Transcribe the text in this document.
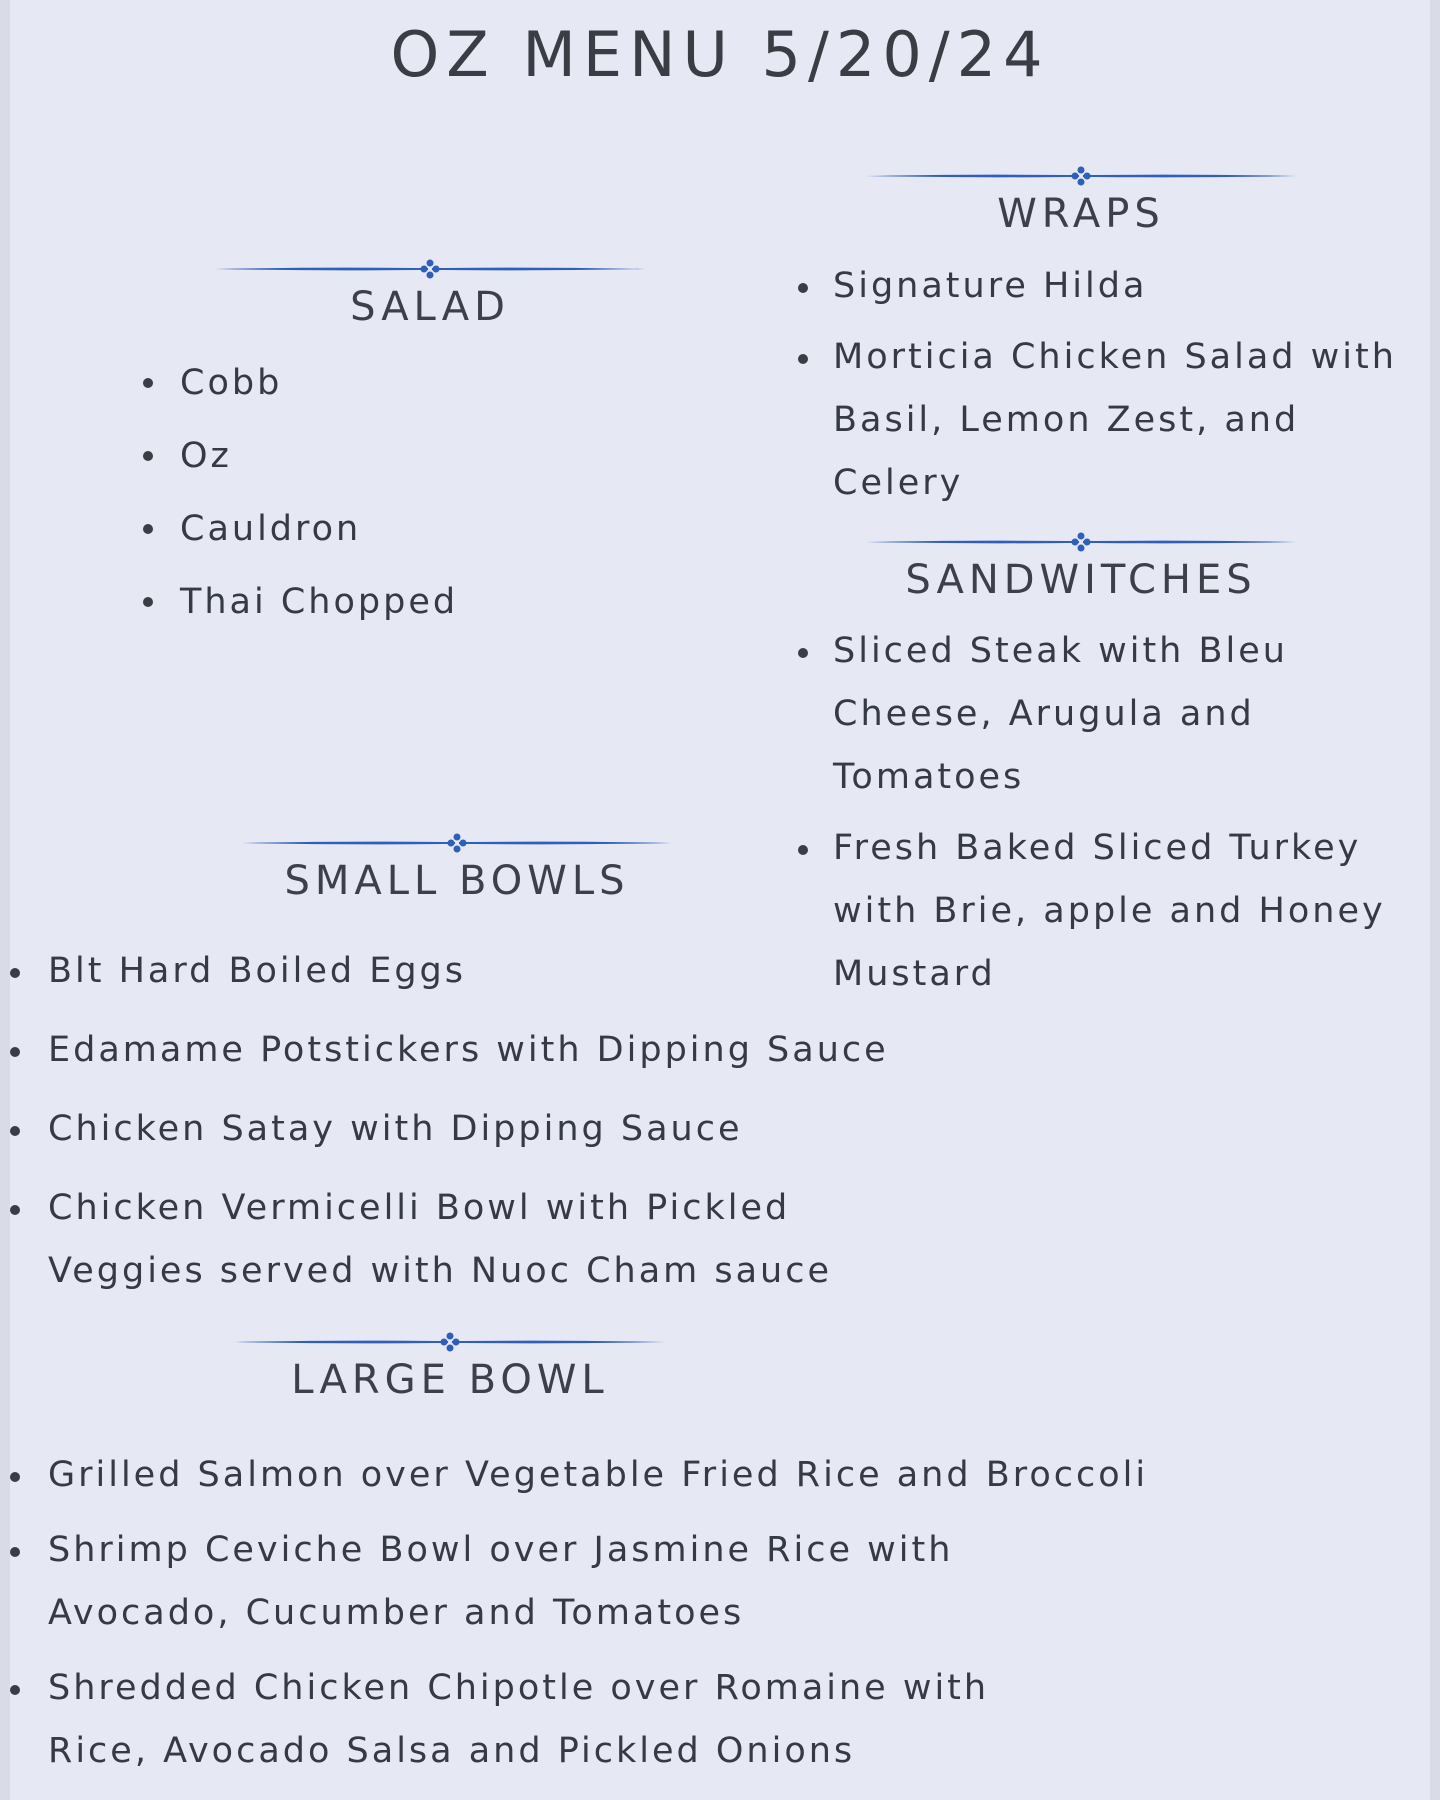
OZ MENU 5/20/24
SALAD
Cobb
Oz
Cauldron
Thai Chopped
WRAPS
Signature Hilda
Morticia Chicken Salad with Basil, Lemon Zest, and Celery
SANDWITCHES
Sliced Steak with Bleu Cheese, Arugula and Tomatoes
Fresh Baked Sliced Turkey with Brie, apple and Honey Mustard
SMALL BOWLS
Blt Hard Boiled Eggs
Edamame Potstickers with Dipping Sauce
Chicken Satay with Dipping Sauce
Chicken Vermicelli Bowl with Pickled Veggies served with Nuoc Cham sauce
LARGE BOWL
Grilled Salmon over Vegetable Fried Rice and Broccoli
Shrimp Ceviche Bowl over Jasmine Rice with Avocado, Cucumber and Tomatoes
Shredded Chicken Chipotle over Romaine with Rice, Avocado Salsa and Pickled Onions
